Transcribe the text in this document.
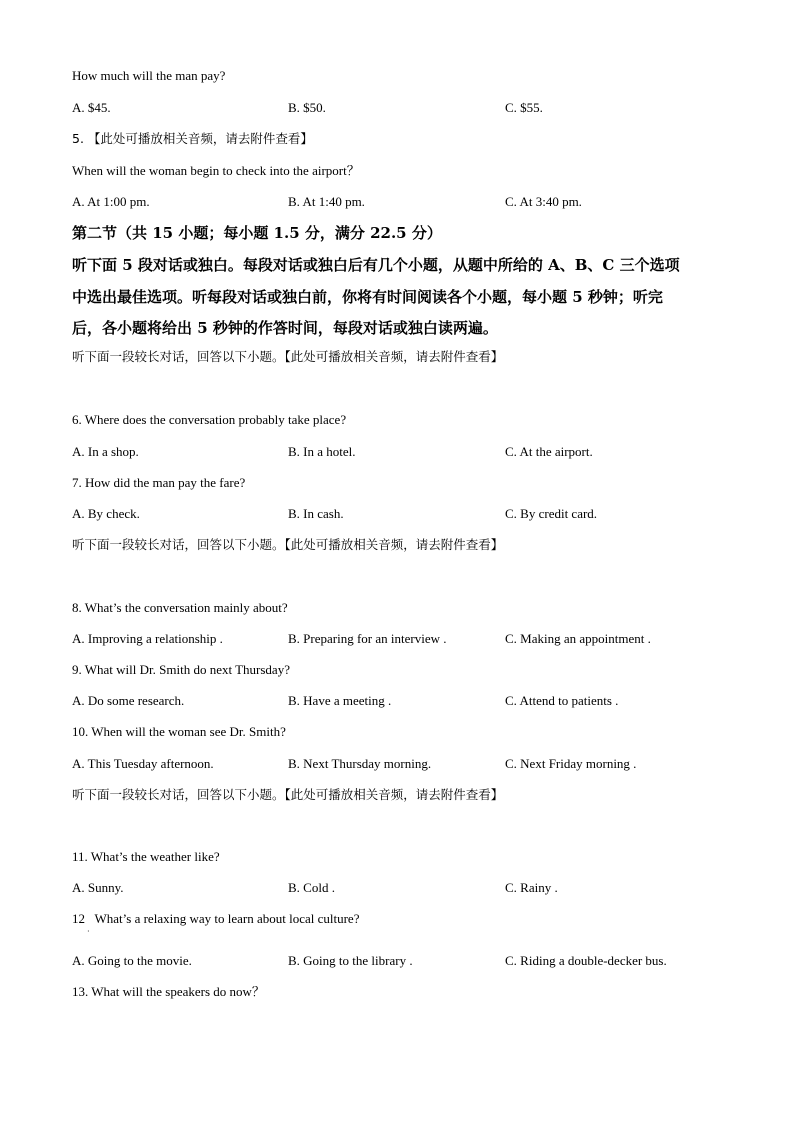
How much will the man pay?
A. $45.	B. $50.	C. $55.
5. 【此处可播放相关音频，请去附件查看】
When will the woman begin to check into the airport？
A. At 1:00 pm.	B. At 1:40 pm.	C. At 3:40 pm.
第二节（共 15 小题；每小题 1.5 分，满分 22.5 分）
听下面 5 段对话或独白。每段对话或独白后有几个小题，从题中所给的 A、B、C 三个选项
中选出最佳选项。听每段对话或独白前，你将有时间阅读各个小题，每小题 5 秒钟；听完
后，各小题将给出 5 秒钟的作答时间，每段对话或独白读两遍。
听下面一段较长对话，回答以下小题。【此处可播放相关音频，请去附件查看】
6. Where does the conversation probably take place?
A. In a shop.	B. In a hotel.	C. At the airport.
7. How did the man pay the fare?
A. By check.	B. In cash.	C. By credit card.
听下面一段较长对话，回答以下小题。【此处可播放相关音频，请去附件查看】
8. What’s the conversation mainly about?
A. Improving a relationship .	B. Preparing for an interview .	C. Making an appointment .
9. What will Dr. Smith do next Thursday?
A. Do some research.	B. Have a meeting .	C. Attend to patients .
10. When will the woman see Dr. Smith?
A. This Tuesday afternoon.	B. Next Thursday morning.	C. Next Friday morning .
听下面一段较长对话，回答以下小题。【此处可播放相关音频，请去附件查看】
11. What’s the weather like?
A. Sunny.	B. Cold .	C. Rainy .
12   What’s a relaxing way to learn about local culture?
·
A. Going to the movie.	B. Going to the library .	C. Riding a double-decker bus.
13. What will the speakers do now？
